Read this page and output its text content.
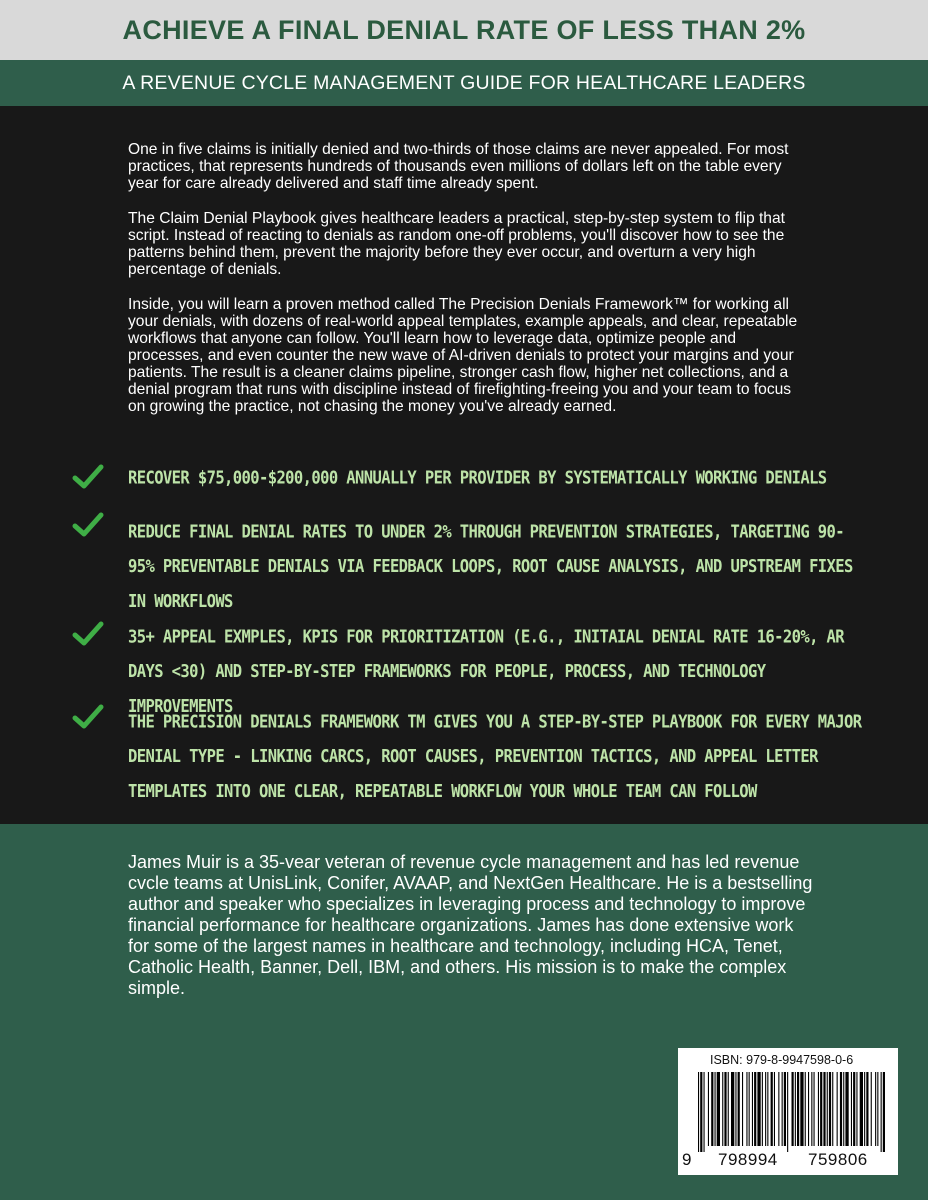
ACHIEVE A FINAL DENIAL RATE OF LESS THAN 2%
A REVENUE CYCLE MANAGEMENT GUIDE FOR HEALTHCARE LEADERS

One in five claims is initially denied and two-thirds of those claims are never appealed. For most practices, that represents hundreds of thousands even millions of dollars left on the table every year for care already delivered and staff time already spent.

The Claim Denial Playbook gives healthcare leaders a practical, step-by-step system to flip that script. Instead of reacting to denials as random one-off problems, you'll discover how to see the patterns behind them, prevent the majority before they ever occur, and overturn a very high percentage of denials.

Inside, you will learn a proven method called The Precision Denials Framework™ for working all your denials, with dozens of real-world appeal templates, example appeals, and clear, repeatable workflows that anyone can follow. You'll learn how to leverage data, optimize people and processes, and even counter the new wave of AI-driven denials to protect your margins and your patients. The result is a cleaner claims pipeline, stronger cash flow, higher net collections, and a denial program that runs with discipline instead of firefighting-freeing you and your team to focus on growing the practice, not chasing the money you've already earned.

RECOVER $75,000-$200,000 ANNUALLY PER PROVIDER BY SYSTEMATICALLY WORKING DENIALS

REDUCE FINAL DENIAL RATES TO UNDER 2% THROUGH PREVENTION STRATEGIES, TARGETING 90-95% PREVENTABLE DENIALS VIA FEEDBACK LOOPS, ROOT CAUSE ANALYSIS, AND UPSTREAM FIXES IN WORKFLOWS

35+ APPEAL EXMPLES, KPIS FOR PRIORITIZATION (E.G., INITAIAL DENIAL RATE 16-20%, AR DAYS <30) AND STEP-BY-STEP FRAMEWORKS FOR PEOPLE, PROCESS, AND TECHNOLOGY IMPROVEMENTS

THE PRECISION DENIALS FRAMEWORK TM GIVES YOU A STEP-BY-STEP PLAYBOOK FOR EVERY MAJOR DENIAL TYPE - LINKING CARCS, ROOT CAUSES, PREVENTION TACTICS, AND APPEAL LETTER TEMPLATES INTO ONE CLEAR, REPEATABLE WORKFLOW YOUR WHOLE TEAM CAN FOLLOW

James Muir is a 35-vear veteran of revenue cycle management and has led revenue cvcle teams at UnisLink, Conifer, AVAAP, and NextGen Healthcare. He is a bestselling author and speaker who specializes in leveraging process and technology to improve financial performance for healthcare organizations. James has done extensive work for some of the largest names in healthcare and technology, including HCA, Tenet, Catholic Health, Banner, Dell, IBM, and others. His mission is to make the complex simple.

ISBN: 979-8-9947598-0-6
9 798994 759806
